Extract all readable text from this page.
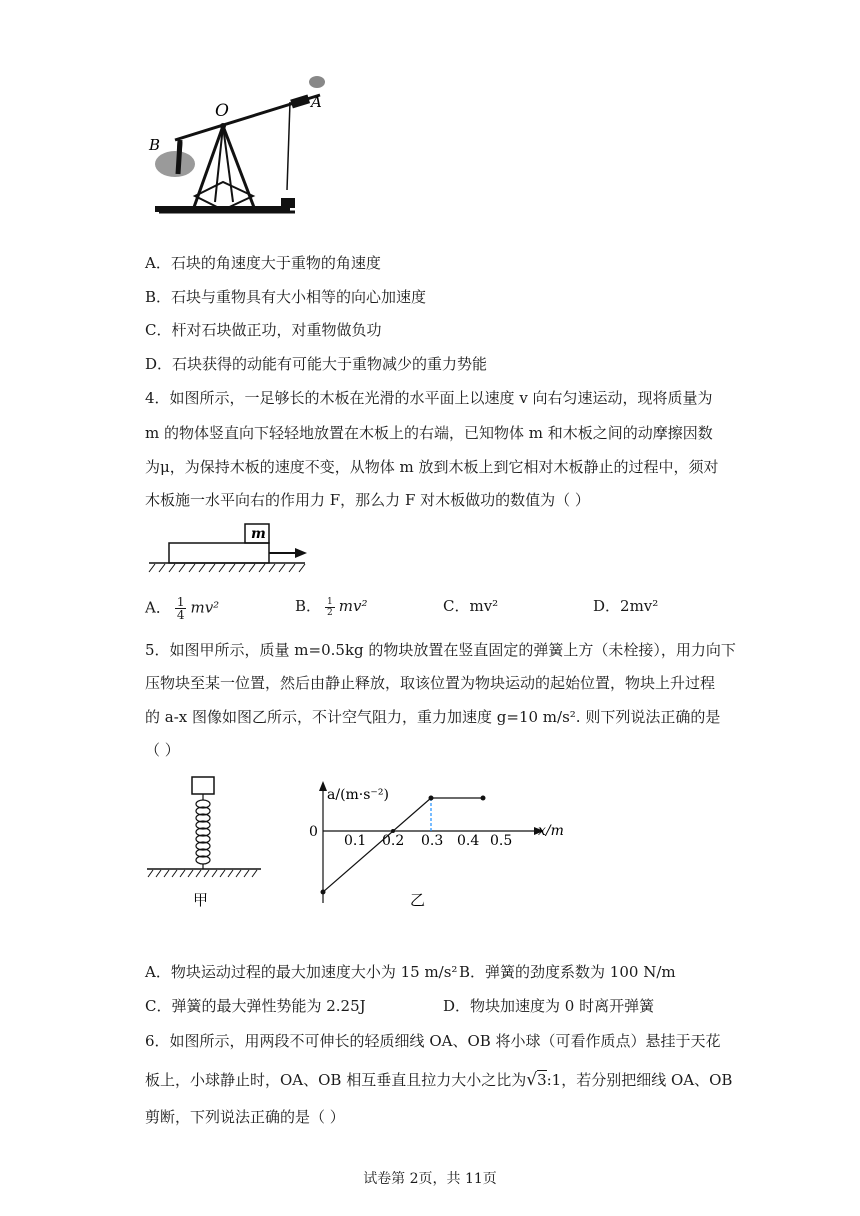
O	A
B
A．石块的角速度大于重物的角速度
B．石块与重物具有大小相等的向心加速度
C．杆对石块做正功，对重物做负功
D．石块获得的动能有可能大于重物减少的重力势能
4．如图所示，一足够长的木板在光滑的水平面上以速度 v 向右匀速运动，现将质量为
m 的物体竖直向下轻轻地放置在木板上的右端，已知物体 m 和木板之间的动摩擦因数
为μ，为保持木板的速度不变，从物体 m 放到木板上到它相对木板静止的过程中，须对
木板施一水平向右的作用力 F，那么力 F 对木板做功的数值为（ ）
m
A． $\frac{1}{4} mv^2$	B． $\frac{1}{2} mv^2$	C．mv²	D．2mv²
5．如图甲所示，质量 m=0.5kg 的物块放置在竖直固定的弹簧上方（未栓接），用力向下
压物块至某一位置，然后由静止释放，取该位置为物块运动的起始位置，物块上升过程
的 a-x 图像如图乙所示，不计空气阻力，重力加速度 g=10 m/s². 则下列说法正确的是
（ ）
甲
a/(m·s⁻²)
x/m
0
0.1 0.2 0.3 0.4 0.5
乙
A．物块运动过程的最大加速度大小为 15 m/s² B．弹簧的劲度系数为 100 N/m
C．弹簧的最大弹性势能为 2.25J	D．物块加速度为 0 时离开弹簧
6．如图所示，用两段不可伸长的轻质细线 OA、OB 将小球（可看作质点）悬挂于天花
板上，小球静止时，OA、OB 相互垂直且拉力大小之比为√3:1，若分别把细线 OA、OB
剪断，下列说法正确的是（ ）
试卷第 2页，共 11页
